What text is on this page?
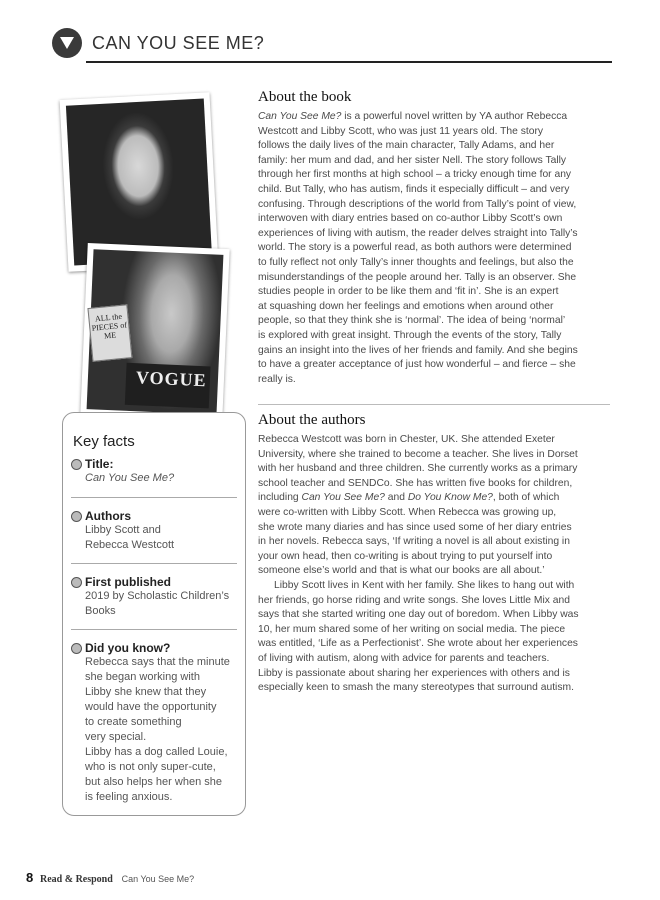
CAN YOU SEE ME?
ALL the PIECES of ME
VOGUE
Key facts
Title:
Can You See Me?
Authors
Libby Scott and
Rebecca Westcott
First published
2019 by Scholastic Children’s
Books
Did you know?
Rebecca says that the minute
she began working with
Libby she knew that they
would have the opportunity
to create something
very special.
Libby has a dog called Louie,
who is not only super-cute,
but also helps her when she
is feeling anxious.
About the book
Can You See Me? is a powerful novel written by YA author Rebecca
Westcott and Libby Scott, who was just 11 years old. The story
follows the daily lives of the main character, Tally Adams, and her
family: her mum and dad, and her sister Nell. The story follows Tally
through her first months at high school – a tricky enough time for any
child. But Tally, who has autism, finds it especially difficult – and very
confusing. Through descriptions of the world from Tally’s point of view,
interwoven with diary entries based on co-author Libby Scott’s own
experiences of living with autism, the reader delves straight into Tally’s
world. The story is a powerful read, as both authors were determined
to fully reflect not only Tally’s inner thoughts and feelings, but also the
misunderstandings of the people around her. Tally is an observer. She
studies people in order to be like them and ‘fit in’. She is an expert
at squashing down her feelings and emotions when around other
people, so that they think she is ‘normal’. The idea of being ‘normal’
is explored with great insight. Through the events of the story, Tally
gains an insight into the lives of her friends and family. And she begins
to have a greater acceptance of just how wonderful – and fierce – she
really is.
About the authors
Rebecca Westcott was born in Chester, UK. She attended Exeter
University, where she trained to become a teacher. She lives in Dorset
with her husband and three children. She currently works as a primary
school teacher and SENDCo. She has written five books for children,
including Can You See Me? and Do You Know Me?, both of which
were co-written with Libby Scott. When Rebecca was growing up,
she wrote many diaries and has since used some of her diary entries
in her novels. Rebecca says, ‘If writing a novel is all about existing in
your own head, then co-writing is about trying to put yourself into
someone else’s world and that is what our books are all about.’
Libby Scott lives in Kent with her family. She likes to hang out with
her friends, go horse riding and write songs. She loves Little Mix and
says that she started writing one day out of boredom. When Libby was
10, her mum shared some of her writing on social media. The piece
was entitled, ‘Life as a Perfectionist’. She wrote about her experiences
of living with autism, along with advice for parents and teachers.
Libby is passionate about sharing her experiences with others and is
especially keen to smash the many stereotypes that surround autism.
8 Read & Respond Can You See Me?
